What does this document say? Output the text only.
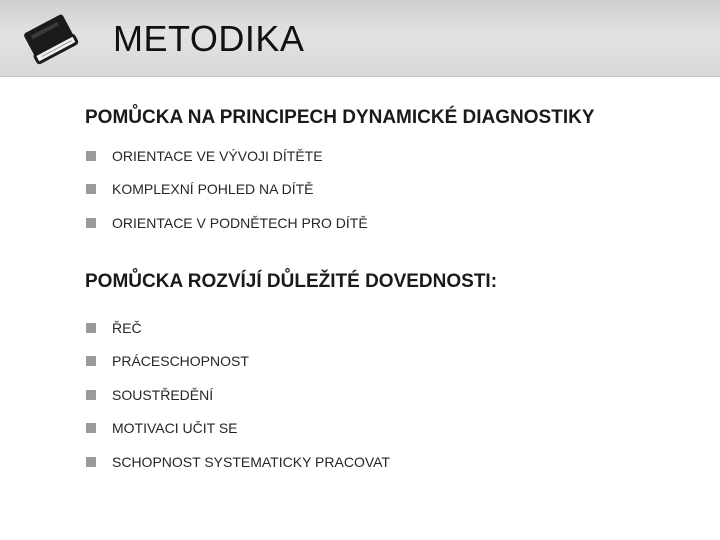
METODIKA
POMŮCKA NA PRINCIPECH DYNAMICKÉ DIAGNOSTIKY
ORIENTACE VE VÝVOJI DÍTĚTE
KOMPLEXNÍ POHLED NA DÍTĚ
ORIENTACE V PODNĚTECH PRO DÍTĚ
POMŮCKA ROZVÍJÍ DŮLEŽITÉ DOVEDNOSTI:
ŘEČ
PRÁCESCHOPNOST
SOUSTŘEDĚNÍ
MOTIVACI UČIT SE
SCHOPNOST SYSTEMATICKY PRACOVAT
